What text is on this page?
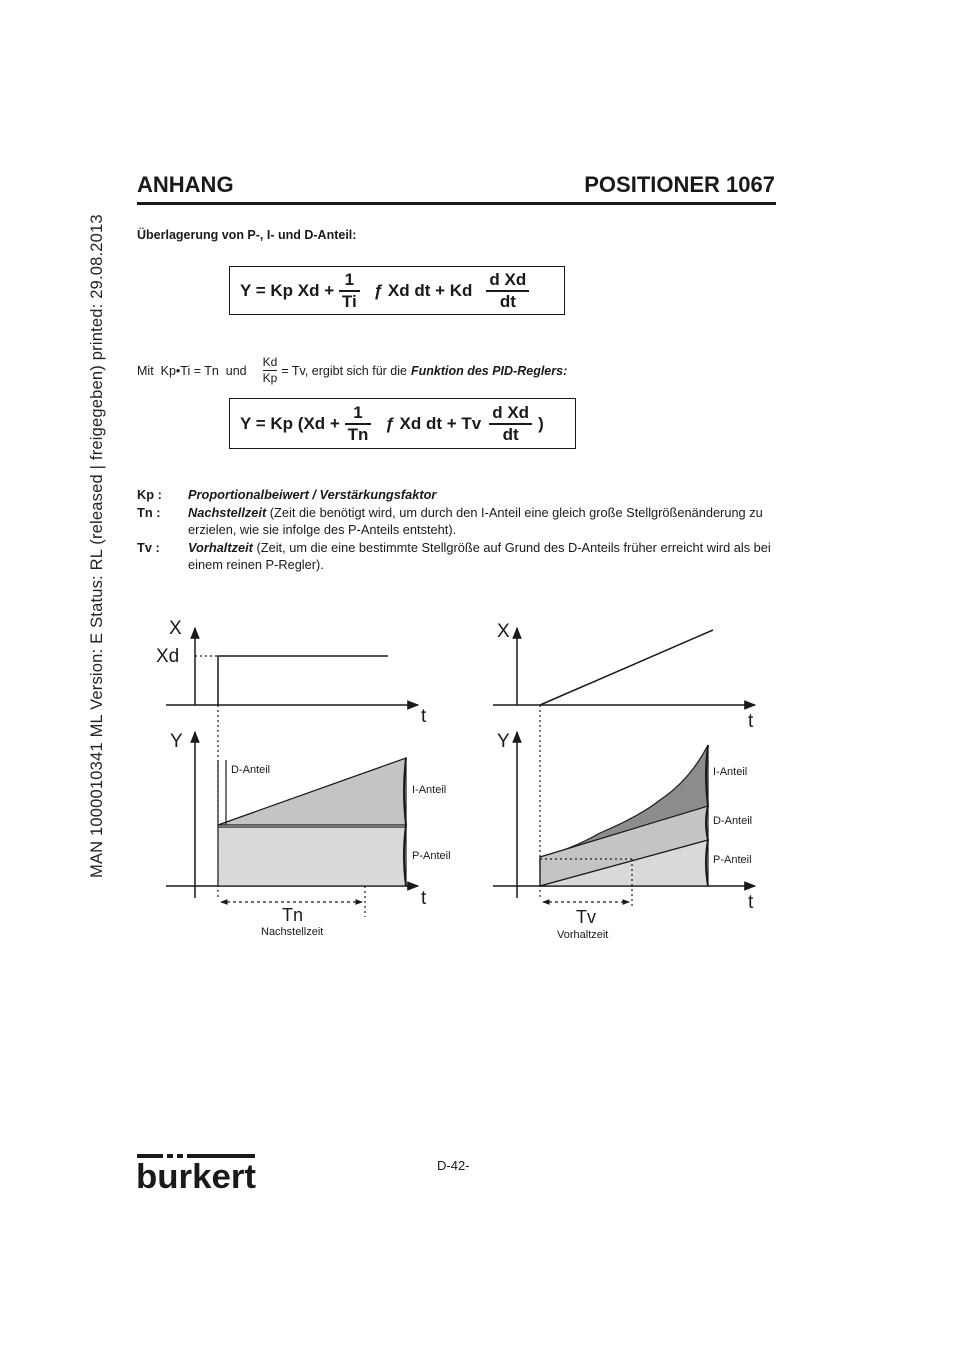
MAN 1000010341 ML Version: E Status: RL (released | freigegeben) printed: 29.08.2013
ANHANG	POSITIONER 1067
Überlagerung von P-, I- und D-Anteil:
Y = Kp $Xd + \frac{1}{Ti}$ ƒ Xd dt + Kd $\frac{\text{d Xd}}{dt}$
Mit  Kp•Ti = Tn  und $\frac{Kd}{Kp} = Tv$, ergibt sich für die Funktion des PID-Reglers:
Y = Kp ($Xd + \frac{1}{Tn}$ ƒ Xd dt + Tv $\frac{\text{d Xd}}{dt}$ )
Kp :	Proportionalbeiwert / Verstärkungsfaktor
Tn :	Nachstellzeit (Zeit die benötigt wird, um durch den I-Anteil eine gleich große Stellgrößenänderung zu erzielen, wie sie infolge des P-Anteils entsteht).
Tv :	Vorhaltzeit (Zeit, um die eine bestimmte Stellgröße auf Grund des D-Anteils früher erreicht wird als bei einem reinen P-Regler).
X
Xd
t
Y
t
D-Anteil
I-Anteil
P-Anteil
Tn
Nachstellzeit
X
t
Y
t
I-Anteil
D-Anteil
P-Anteil
Tv
Vorhaltzeit
burkert	D-42-
